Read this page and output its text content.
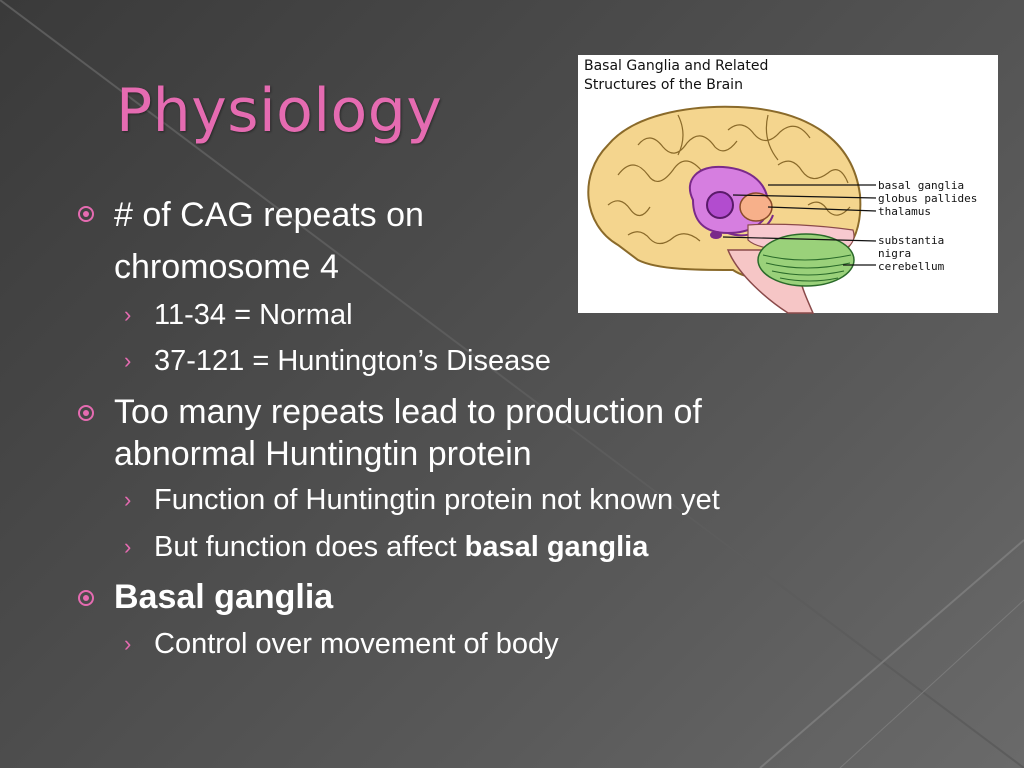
Physiology
Basal Ganglia and Related
Structures of the Brain
basal ganglia
globus pallides
thalamus
substantia
nigra
cerebellum
# of CAG repeats on
chromosome 4
› 11-34 = Normal
› 37-121 = Huntington’s Disease
Too many repeats lead to production of
abnormal Huntingtin protein
› Function of Huntingtin protein not known yet
› But function does affect basal ganglia
Basal ganglia
› Control over movement of body
